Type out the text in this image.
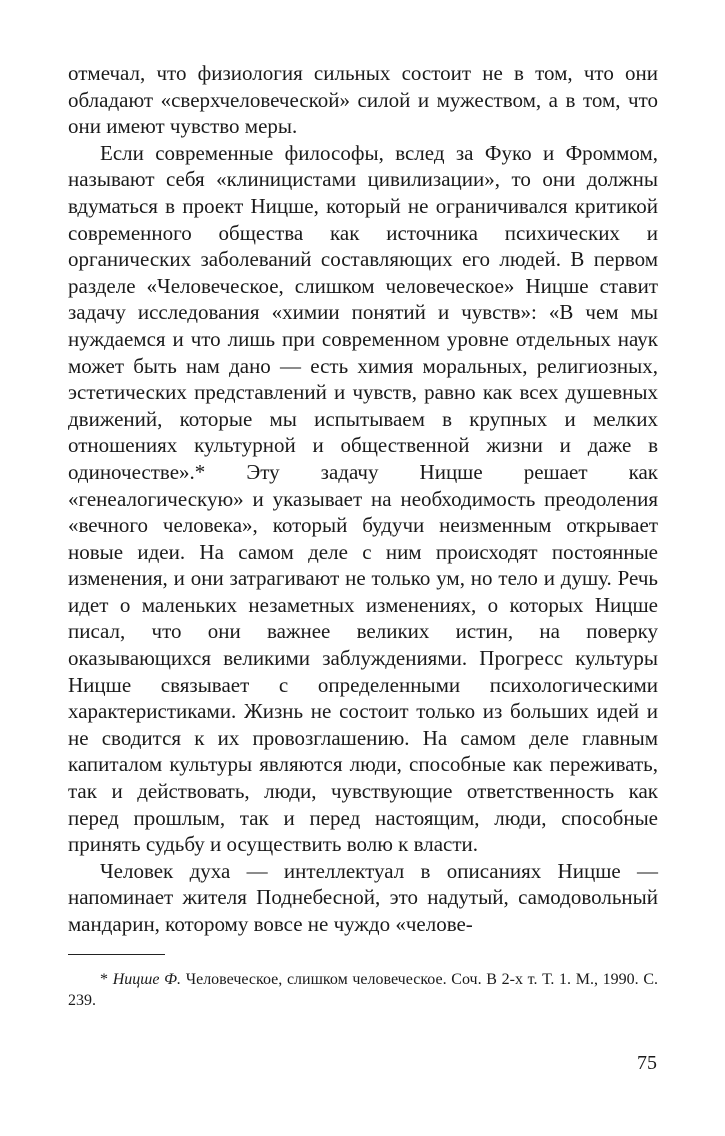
отмечал, что физиология сильных состоит не в том, что они обладают «сверхчеловеческой» силой и мужеством, а в том, что они имеют чувство меры.

Если современные философы, вслед за Фуко и Фроммом, называют себя «клиницистами цивилизации», то они должны вдуматься в проект Ницше, который не ограничивался критикой современного общества как источника психических и органических заболеваний составляющих его людей. В первом разделе «Человеческое, слишком человеческое» Ницше ставит задачу исследования «химии понятий и чувств»: «В чем мы нуждаемся и что лишь при современном уровне отдельных наук может быть нам дано — есть химия моральных, религиозных, эстетических представлений и чувств, равно как всех душевных движений, которые мы испытываем в крупных и мелких отношениях культурной и общественной жизни и даже в одиночестве».* Эту задачу Ницше решает как «генеалогическую» и указывает на необходимость преодоления «вечного человека», который будучи неизменным открывает новые идеи. На самом деле с ним происходят постоянные изменения, и они затрагивают не только ум, но тело и душу. Речь идет о маленьких незаметных изменениях, о которых Ницше писал, что они важнее великих истин, на поверку оказывающихся великими заблуждениями. Прогресс культуры Ницше связывает с определенными психологическими характеристиками. Жизнь не состоит только из больших идей и не сводится к их провозглашению. На самом деле главным капиталом культуры являются люди, способные как переживать, так и действовать, люди, чувствующие ответственность как перед прошлым, так и перед настоящим, люди, способные принять судьбу и осуществить волю к власти.

Человек духа — интеллектуал в описаниях Ницше — напоминает жителя Поднебесной, это надутый, самодовольный мандарин, которому вовсе не чуждо «челове-

* Ницше Ф. Человеческое, слишком человеческое. Соч. В 2-х т. Т. 1. М., 1990. С. 239.

75
